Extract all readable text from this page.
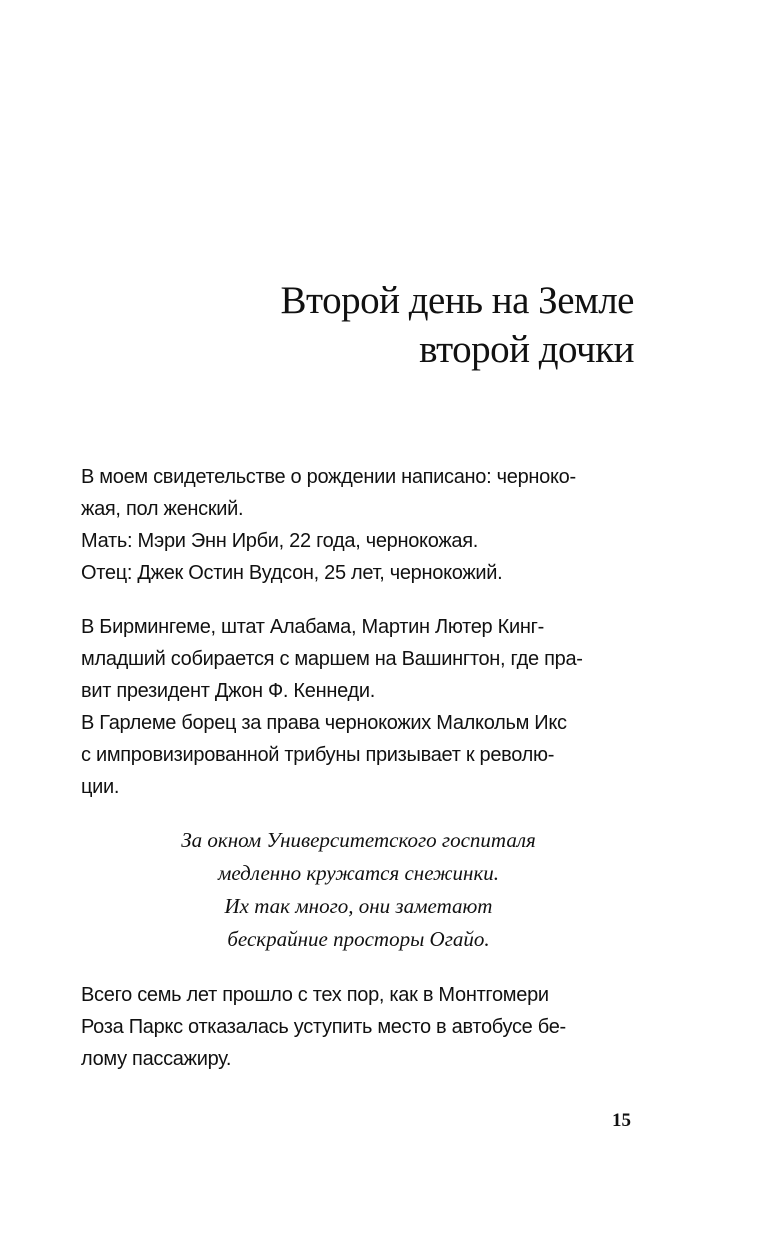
Второй день на Земле
второй дочки
В моем свидетельстве о рождении написано: черноко-
жая, пол женский.
Мать: Мэри Энн Ирби, 22 года, чернокожая.
Отец: Джек Остин Вудсон, 25 лет, чернокожий.
В Бирмингеме, штат Алабама, Мартин Лютер Кинг-
младший собирается с маршем на Вашингтон, где пра-
вит президент Джон Ф. Кеннеди.
В Гарлеме борец за права чернокожих Малкольм Икс
с импровизированной трибуны призывает к револю-
ции.
За окном Университетского госпиталя
медленно кружатся снежинки.
Их так много, они заметают
бескрайние просторы Огайо.
Всего семь лет прошло с тех пор, как в Монтгомери
Роза Паркс отказалась уступить место в автобусе бе-
лому пассажиру.
15
